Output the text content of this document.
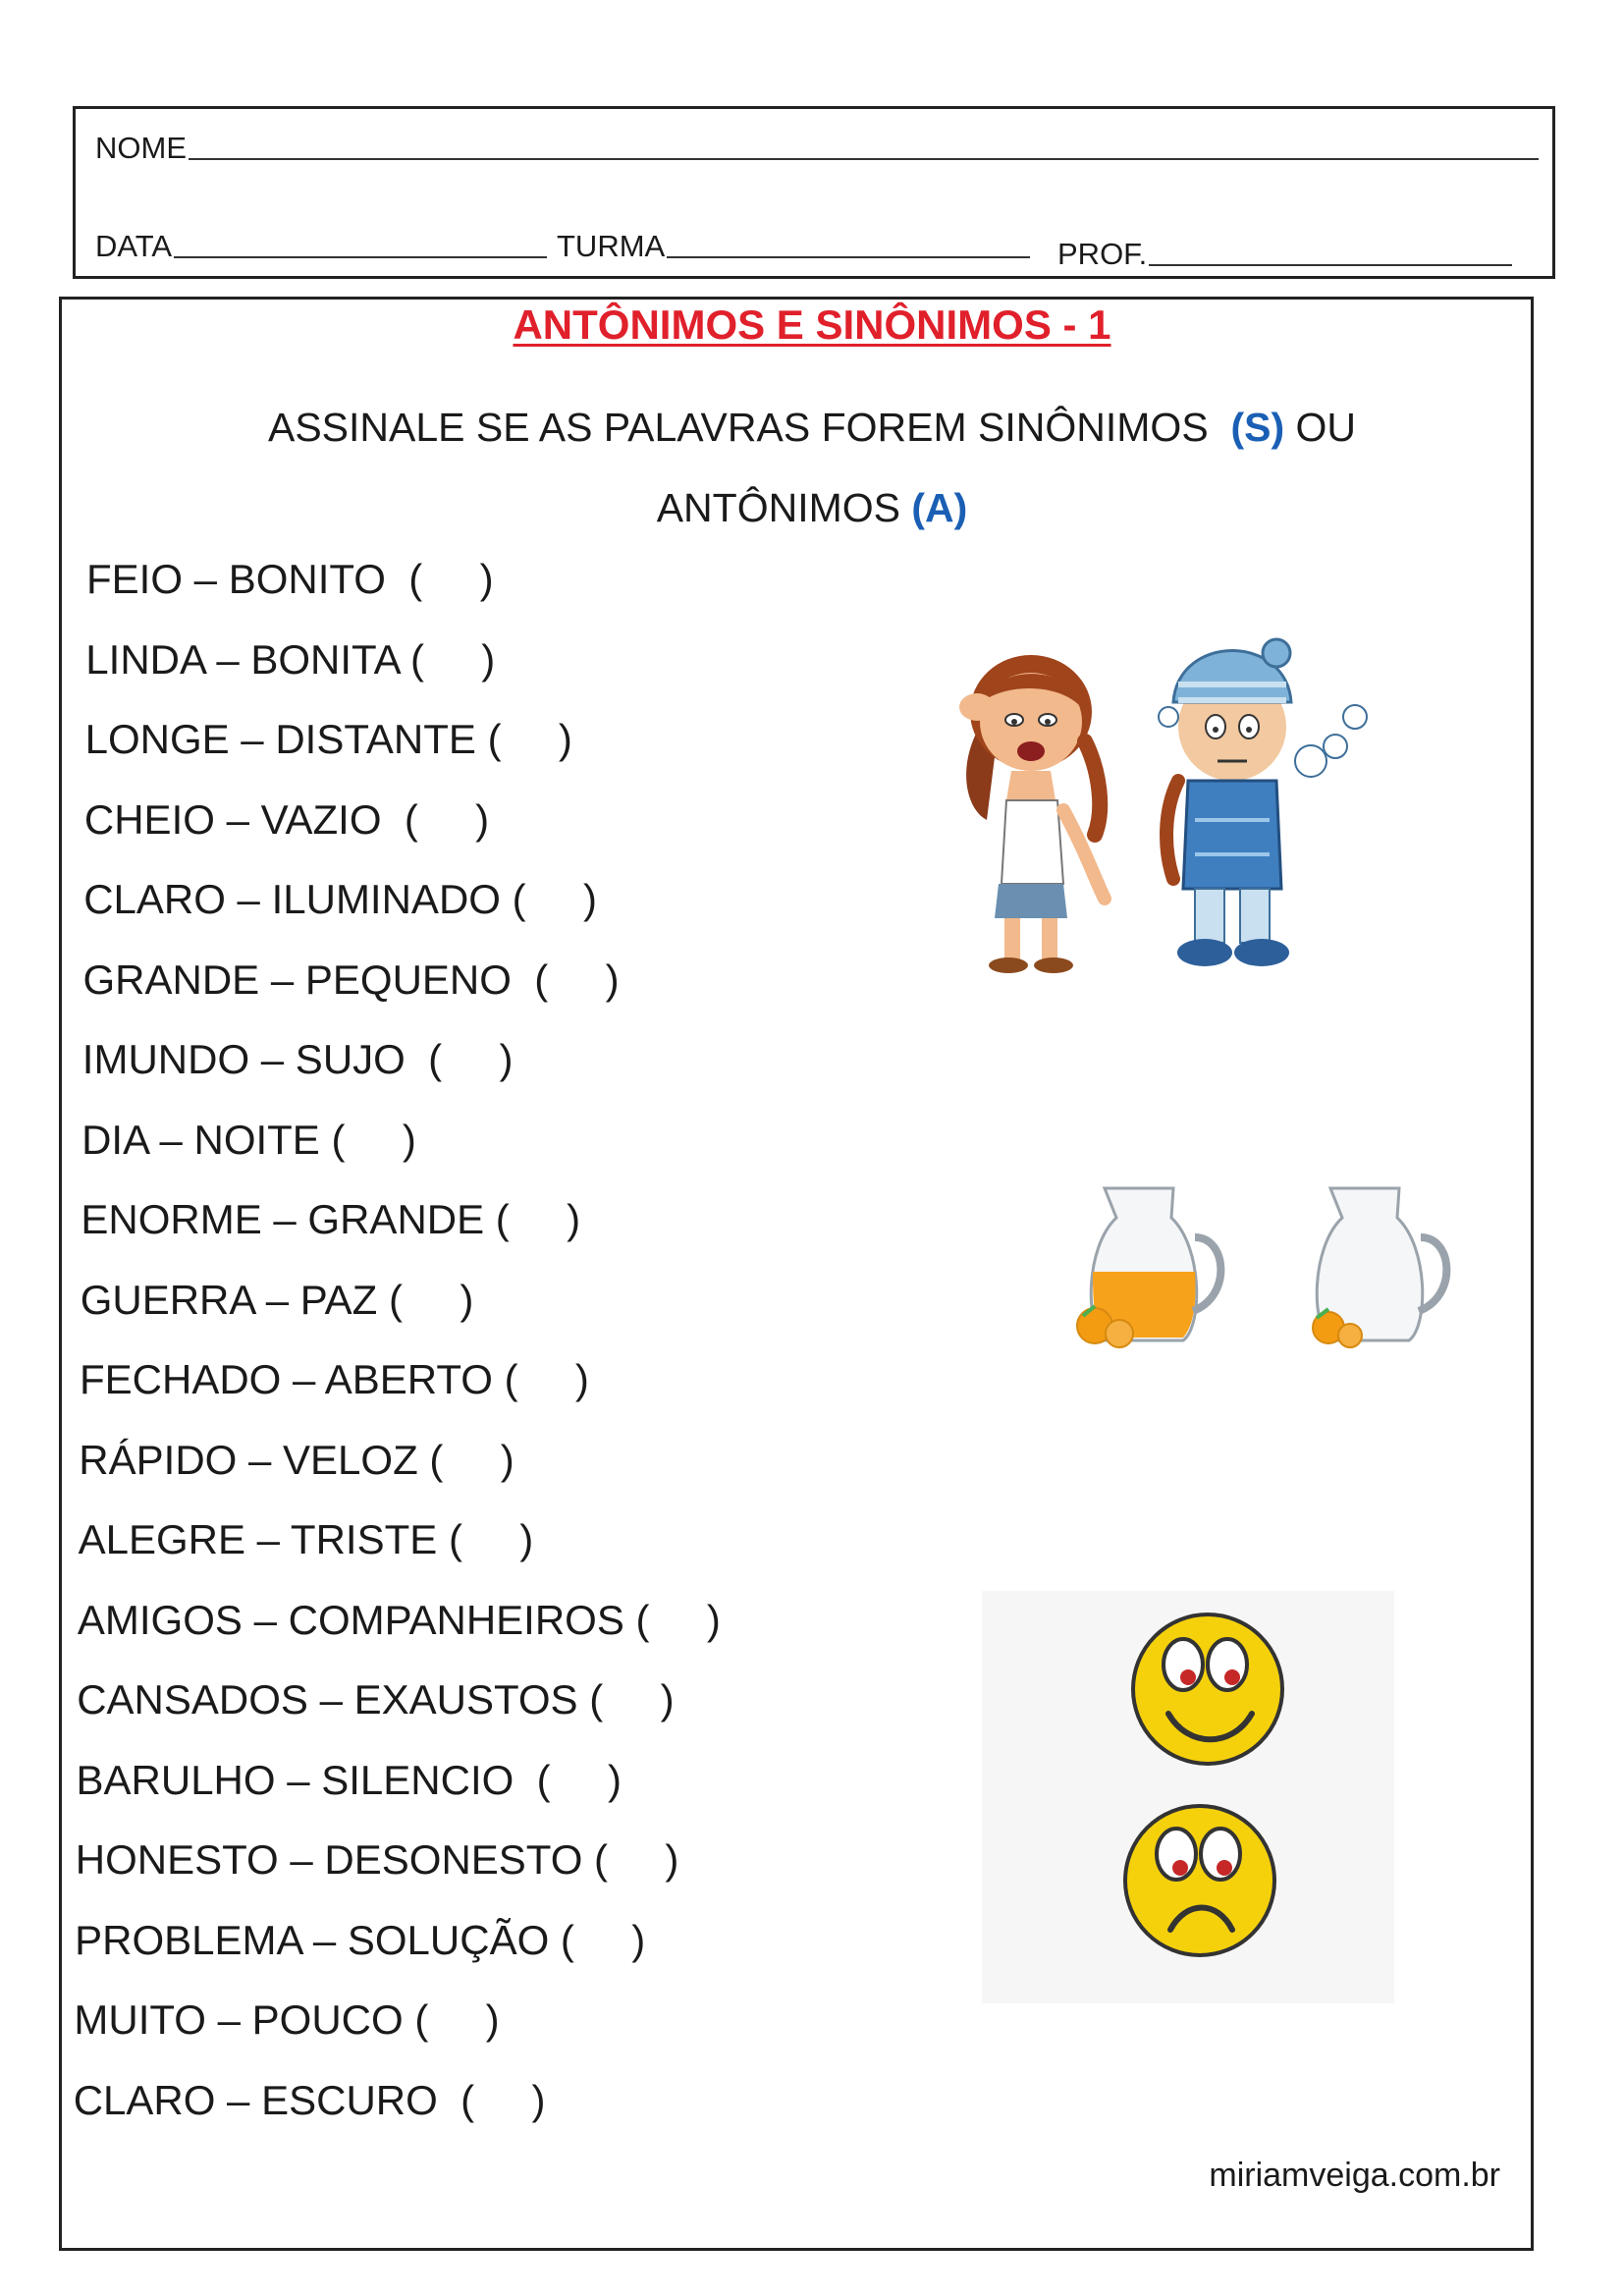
NOME
DATA	TURMA	PROF.
ANTÔNIMOS E SINÔNIMOS - 1
ASSINALE SE AS PALAVRAS FOREM SINÔNIMOS (S) OU
ANTÔNIMOS (A)
FEIO – BONITO  (     )
LINDA – BONITA (     )
LONGE – DISTANTE (     )
CHEIO – VAZIO  (     )
CLARO – ILUMINADO (     )
GRANDE – PEQUENO  (     )
IMUNDO – SUJO  (     )
DIA – NOITE (     )
ENORME – GRANDE (     )
GUERRA – PAZ (     )
FECHADO – ABERTO (     )
RÁPIDO – VELOZ (     )
ALEGRE – TRISTE (     )
AMIGOS – COMPANHEIROS (     )
CANSADOS – EXAUSTOS (     )
BARULHO – SILENCIO  (     )
HONESTO – DESONESTO (     )
PROBLEMA – SOLUÇÃO (     )
MUITO – POUCO (     )
CLARO – ESCURO  (     )
miriamveiga.com.br
